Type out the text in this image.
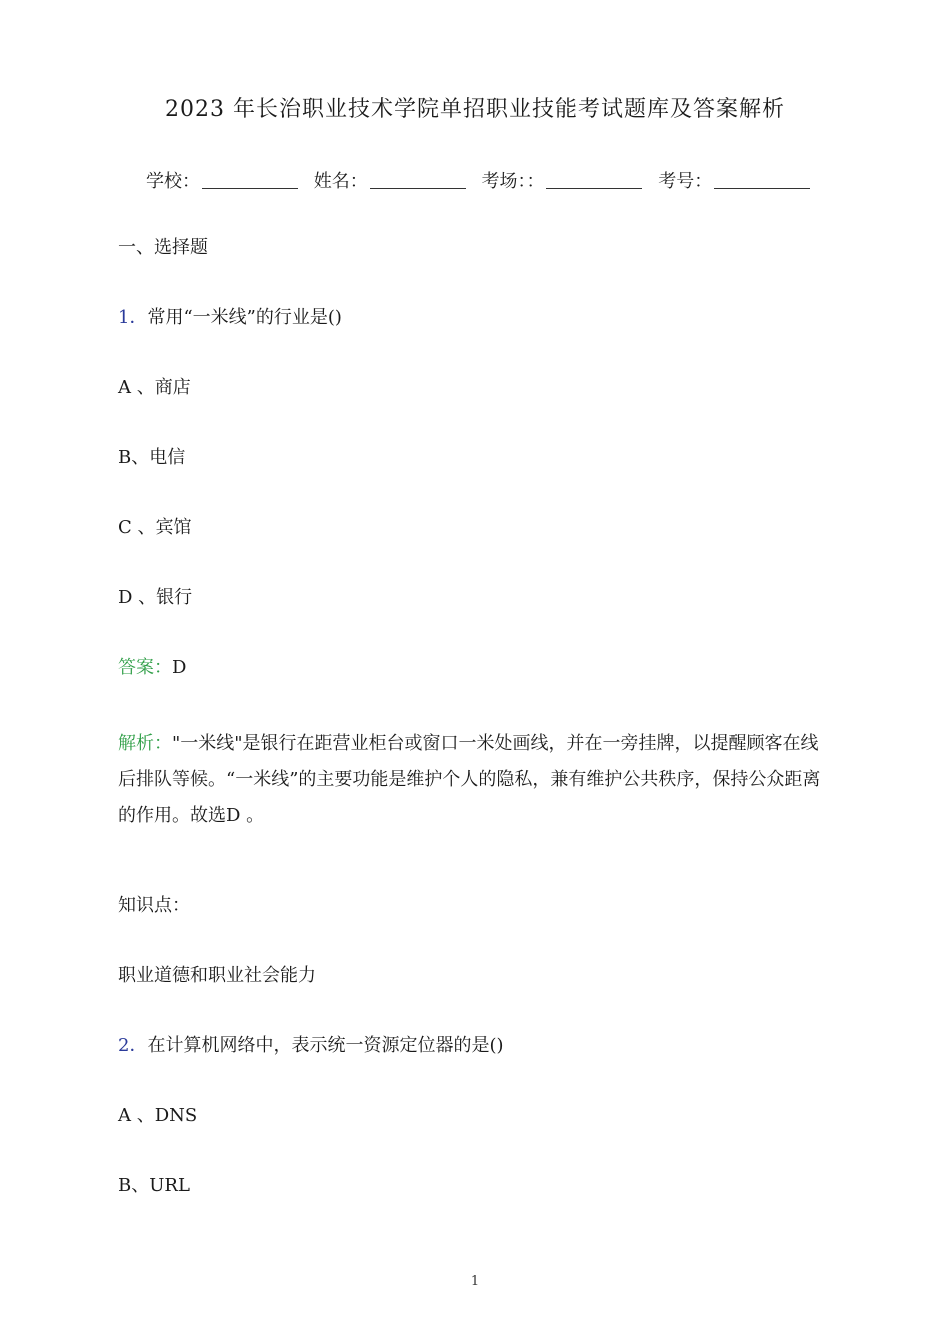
2023 年长治职业技术学院单招职业技能考试题库及答案解析
学校：	姓名：	考场：：	考号：
一、选择题
1．常用“一米线”的行业是()
A 、商店
B、电信
C 、宾馆
D 、银行
答案：D
解析："一米线"是银行在距营业柜台或窗口一米处画线，并在一旁挂牌，以提醒顾客在线后排队等候。“一米线”的主要功能是维护个人的隐私，兼有维护公共秩序，保持公众距离的作用。故选D 。
知识点：
职业道德和职业社会能力
2．在计算机网络中，表示统一资源定位器的是()
A 、DNS
B、URL
1
